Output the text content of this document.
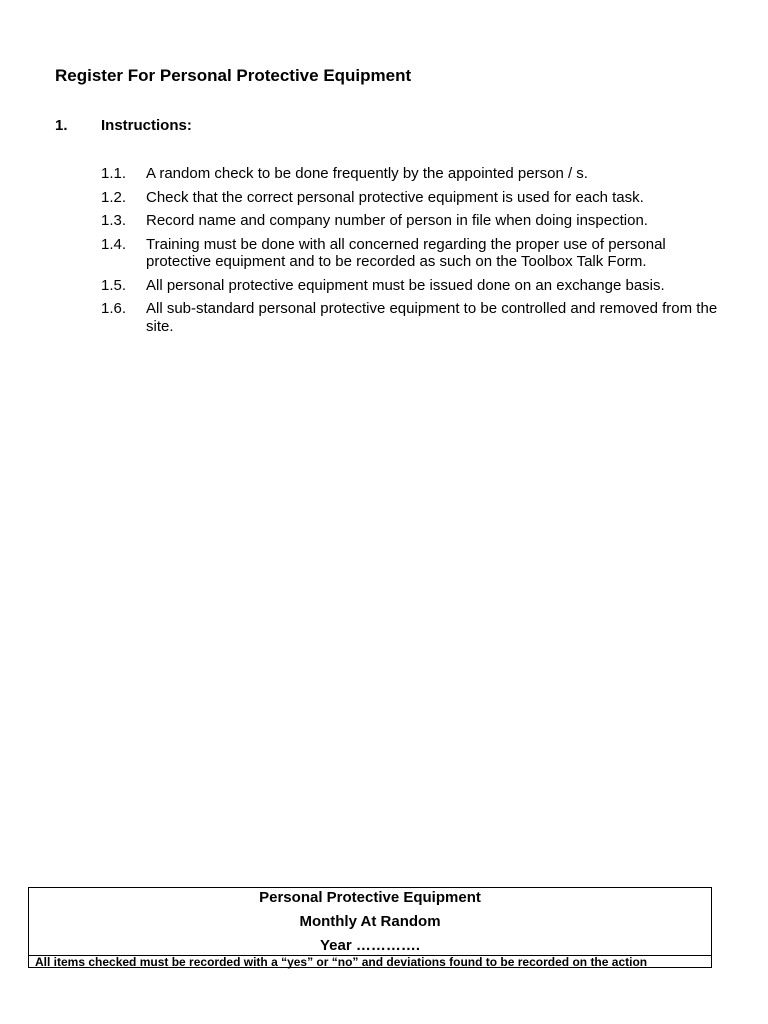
Register For Personal Protective Equipment
1. Instructions:
1.1.	A random check to be done frequently by the appointed person / s.
1.2.	Check that the correct personal protective equipment is used for each task.
1.3.	Record name and company number of person in file when doing inspection.
1.4.	Training must be done with all concerned regarding the proper use of personal protective equipment and to be recorded as such on the Toolbox Talk Form.
1.5.	All personal protective equipment must be issued done on an exchange basis.
1.6.	All sub-standard personal protective equipment to be controlled and removed from the site.
Personal Protective Equipment
Monthly At Random
Year ………….
All items checked must be recorded with a “yes” or “no” and deviations found to be recorded on the action
